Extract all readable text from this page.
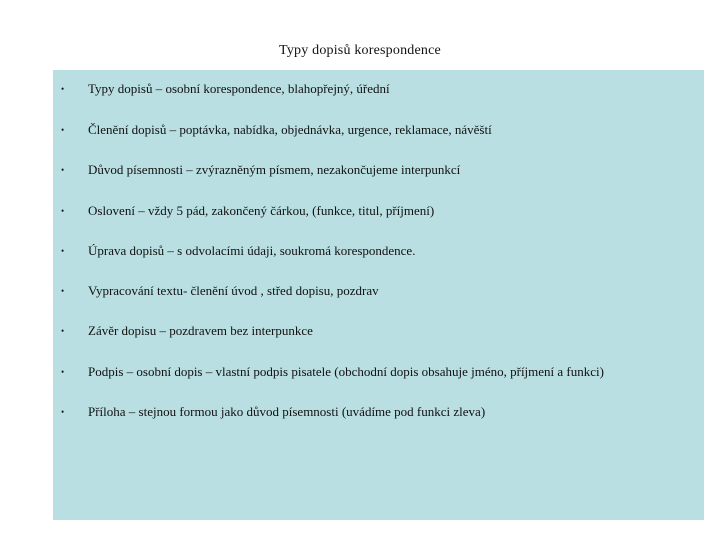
Typy dopisů korespondence
• Typy dopisů – osobní korespondence, blahopřejný, úřední
• Členění dopisů – poptávka, nabídka, objednávka, urgence, reklamace, návěští
• Důvod písemnosti – zvýrazněným písmem, nezakončujeme interpunkcí
• Oslovení – vždy 5 pád, zakončený čárkou, (funkce, titul, příjmení)
• Úprava dopisů – s odvolacími údaji, soukromá korespondence.
• Vypracování textu- členění úvod , střed dopisu, pozdrav
• Závěr dopisu – pozdravem bez interpunkce
• Podpis – osobní dopis – vlastní podpis pisatele (obchodní dopis obsahuje jméno, příjmení a funkci)
• Příloha – stejnou formou jako důvod písemnosti (uvádíme pod funkci zleva)
